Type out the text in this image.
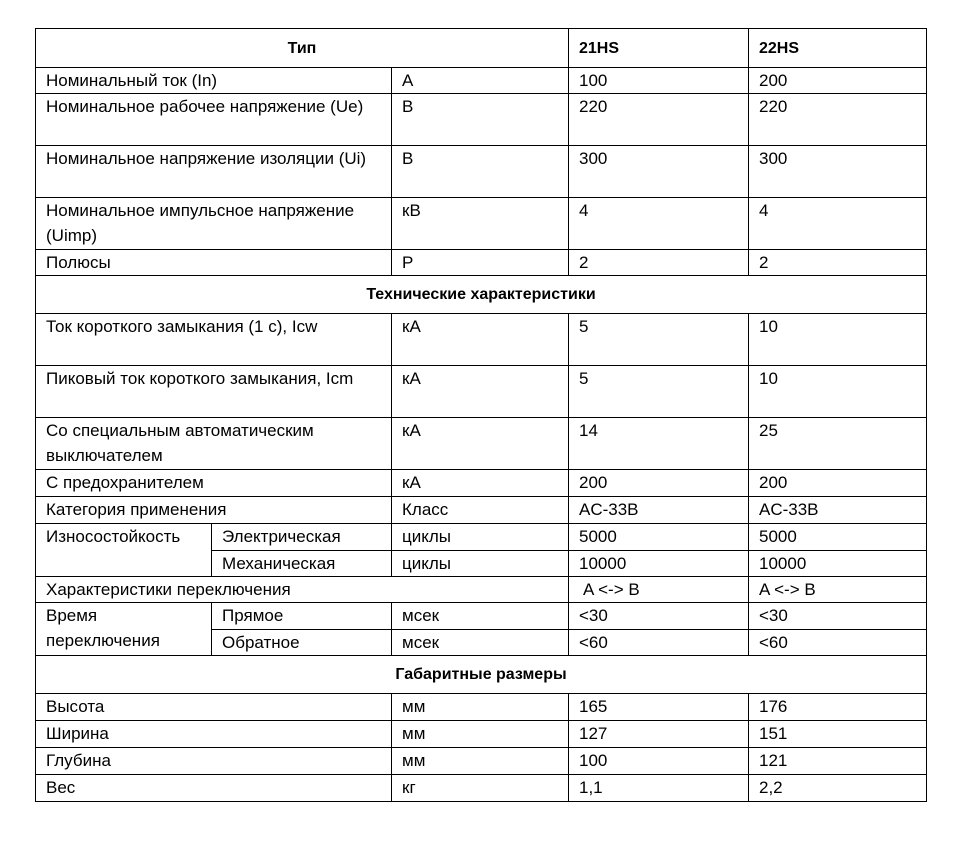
Тип			21HS	22HS
Номинальный ток (In)		A	100	200
Номинальное рабочее напряжение (Ue)		В	220	220
Номинальное напряжение изоляции (Ui)		В	300	300
Номинальное импульсное напряжение (Uimp)		кВ	4	4
Полюсы		P	2	2
Технические характеристики				
Ток короткого замыкания (1 с), Icw		кА	5	10
Пиковый ток короткого замыкания, Icm		кА	5	10
Со специальным автоматическим выключателем		кА	14	25
С предохранителем		кА	200	200
Категория применения		Класс	AC-33B	AC-33B
Износостойкость	Электрическая	циклы	5000	5000
	Механическая	циклы	10000	10000
Характеристики переключения			A <-> B	A <-> B
Время переключения	Прямое	мсек	<30	<30
	Обратное	мсек	<60	<60
Габаритные размеры				
Высота		мм	165	176
Ширина		мм	127	151
Глубина		мм	100	121
Вес		кг	1,1	2,2
